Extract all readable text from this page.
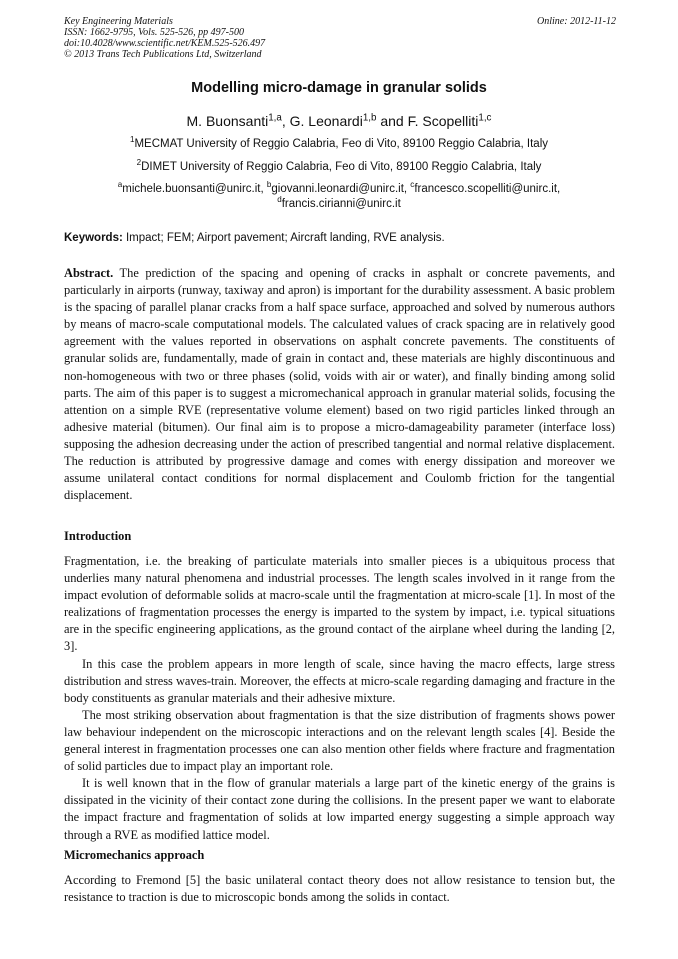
Key Engineering Materials
ISSN: 1662-9795, Vols. 525-526, pp 497-500
doi:10.4028/www.scientific.net/KEM.525-526.497
© 2013 Trans Tech Publications Ltd, Switzerland
Online: 2012-11-12
Modelling micro-damage in granular solids
M. Buonsanti$^{1,a}$, G. Leonardi$^{1,b}$ and F. Scopelliti$^{1,c}$
$^1$MECMAT University of Reggio Calabria, Feo di Vito, 89100 Reggio Calabria, Italy
$^2$DIMET University of Reggio Calabria, Feo di Vito, 89100 Reggio Calabria, Italy
$^a$michele.buonsanti@unirc.it, $^b$giovanni.leonardi@unirc.it, $^c$francesco.scopelliti@unirc.it,
$^d$francis.cirianni@unirc.it
Keywords: Impact; FEM; Airport pavement; Aircraft landing, RVE analysis.

Abstract. The prediction of the spacing and opening of cracks in asphalt or concrete pavements, and particularly in airports (runway, taxiway and apron) is important for the durability assessment. A basic problem is the spacing of parallel planar cracks from a half space surface, approached and solved by numerous authors by means of macro-scale computational models. The calculated values of crack spacing are in relatively good agreement with the values reported in observations on asphalt concrete pavements. The constituents of granular solids are, fundamentally, made of grain in contact and, these materials are highly discontinuous and non-homogeneous with two or three phases (solid, voids with air or water), and finally binding among solid parts. The aim of this paper is to suggest a micromechanical approach in granular material solids, focusing the attention on a simple RVE (representative volume element) based on two rigid particles linked through an adhesive material (bitumen). Our final aim is to propose a micro-damageability parameter (interface loss) supposing the adhesion decreasing under the action of prescribed tangential and normal relative displacement. The reduction is attributed by progressive damage and comes with energy dissipation and moreover we assume unilateral contact conditions for normal displacement and Coulomb friction for the tangential displacement.

Introduction

Fragmentation, i.e. the breaking of particulate materials into smaller pieces is a ubiquitous process that underlies many natural phenomena and industrial processes. The length scales involved in it range from the impact evolution of deformable solids at macro-scale until the fragmentation at micro-scale [1]. In most of the realizations of fragmentation processes the energy is imparted to the system by impact, i.e. typical situations are in the specific engineering applications, as the ground contact of the airplane wheel during the landing [2, 3].

In this case the problem appears in more length of scale, since having the macro effects, large stress distribution and stress waves-train. Moreover, the effects at micro-scale regarding damaging and fracture in the body constituents as granular materials and their adhesive mixture.

The most striking observation about fragmentation is that the size distribution of fragments shows power law behaviour independent on the microscopic interactions and on the relevant length scales [4]. Beside the general interest in fragmentation processes one can also mention other fields where fracture and fragmentation of solid particles due to impact play an important role.

It is well known that in the flow of granular materials a large part of the kinetic energy of the grains is dissipated in the vicinity of their contact zone during the collisions. In the present paper we want to elaborate the impact fracture and fragmentation of solids at low imparted energy suggesting a simple approach way through a RVE as modified lattice model.

Micromechanics approach

According to Fremond [5] the basic unilateral contact theory does not allow resistance to tension but, the resistance to traction is due to microscopic bonds among the solids in contact.
